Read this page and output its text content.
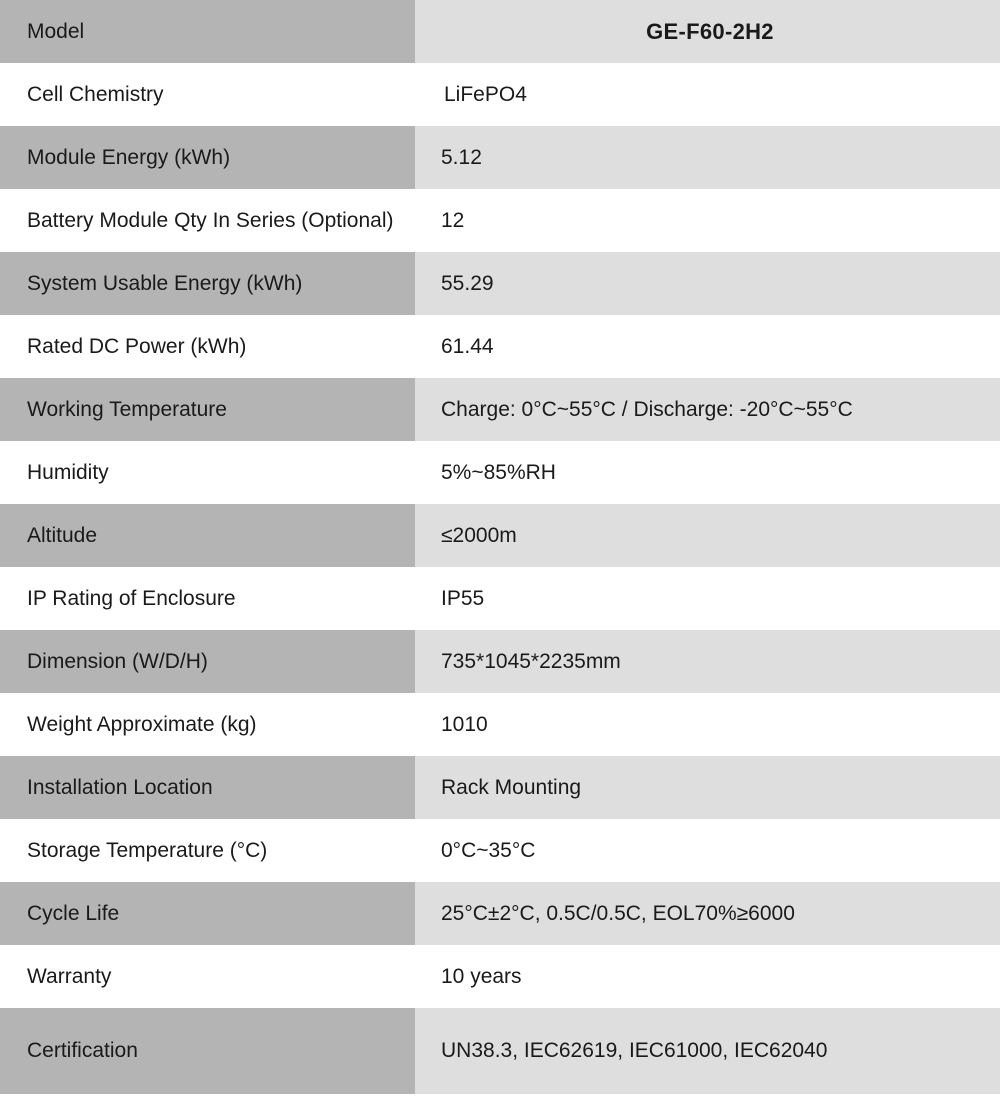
Model	GE-F60-2H2
Cell Chemistry	LiFePO4
Module Energy (kWh)	5.12
Battery Module Qty In Series (Optional)	12
System Usable Energy (kWh)	55.29
Rated DC Power (kWh)	61.44
Working Temperature	Charge: 0°C~55°C / Discharge: -20°C~55°C
Humidity	5%~85%RH
Altitude	≤2000m
IP Rating of Enclosure	IP55
Dimension (W/D/H)	735*1045*2235mm
Weight Approximate (kg)	1010
Installation Location	Rack Mounting
Storage Temperature (°C)	0°C~35°C
Cycle Life	25°C±2°C, 0.5C/0.5C, EOL70%≥6000
Warranty	10 years
Certification	UN38.3, IEC62619, IEC61000, IEC62040
